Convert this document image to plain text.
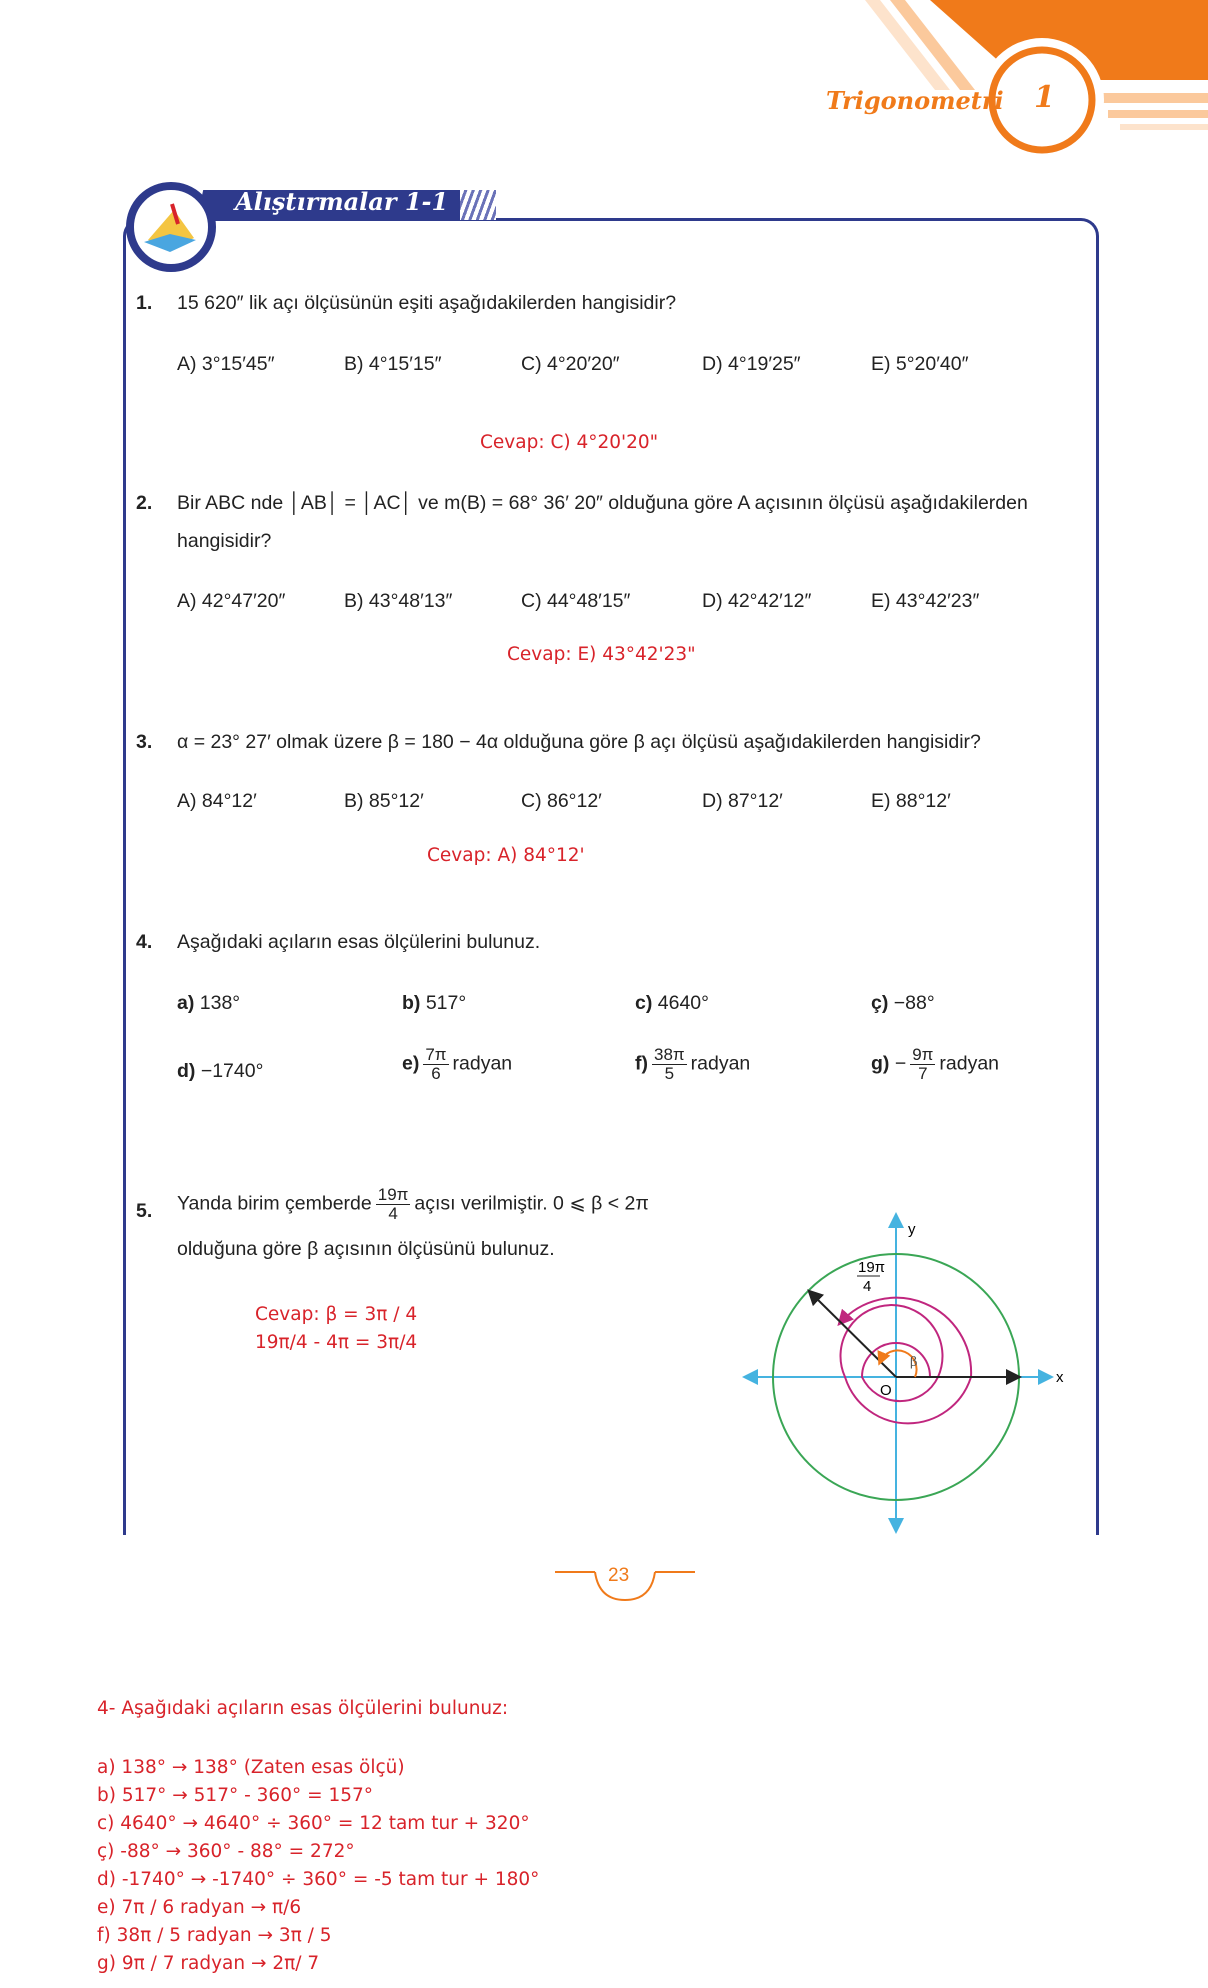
Trigonometri 1
Alıştırmalar 1-1
1. 15 620″ lik açı ölçüsünün eşiti aşağıdakilerden hangisidir?
A) 3°15′45″	B) 4°15′15″	C) 4°20′20″	D) 4°19′25″	E) 5°20′40″
Cevap: C) 4°20'20"
2. Bir ABC nde │AB│ = │AC│ ve m(B) = 68° 36′ 20″ olduğuna göre A açısının ölçüsü aşağıdakilerden
hangisidir?
A) 42°47′20″	B) 43°48′13″	C) 44°48′15″	D) 42°42′12″	E) 43°42′23″
Cevap: E) 43°42'23"
3. α = 23° 27′ olmak üzere β = 180 − 4α olduğuna göre β açı ölçüsü aşağıdakilerden hangisidir?
A) 84°12′	B) 85°12′	C) 86°12′	D) 87°12′	E) 88°12′
Cevap: A) 84°12'
4. Aşağıdaki açıların esas ölçülerini bulunuz.
a) 138°	b) 517°	c) 4640°	ç) −88°
d) −1740°	$e) \frac{7\pi}{6}$ radyan	$f) \frac{38\pi}{5}$ radyan	$g) - \frac{9\pi}{7}$ radyan
5. Yanda birim çemberde $\frac{19\pi}{4}$ açısı verilmiştir. 0 ⩽ β < 2π
olduğuna göre β açısının ölçüsünü bulunuz.
Cevap: β = 3π / 4
19π/4 - 4π = 3π/4
y
x
O
β
19π
4
23
4- Aşağıdaki açıların esas ölçülerini bulunuz:
a) 138° → 138° (Zaten esas ölçü)
b) 517° → 517° - 360° = 157°
c) 4640° → 4640° ÷ 360° = 12 tam tur + 320°
ç) -88° → 360° - 88° = 272°
d) -1740° → -1740° ÷ 360° = -5 tam tur + 180°
e) 7π / 6 radyan → π/6
f) 38π / 5 radyan → 3π / 5
g) 9π / 7 radyan → 2π/ 7
